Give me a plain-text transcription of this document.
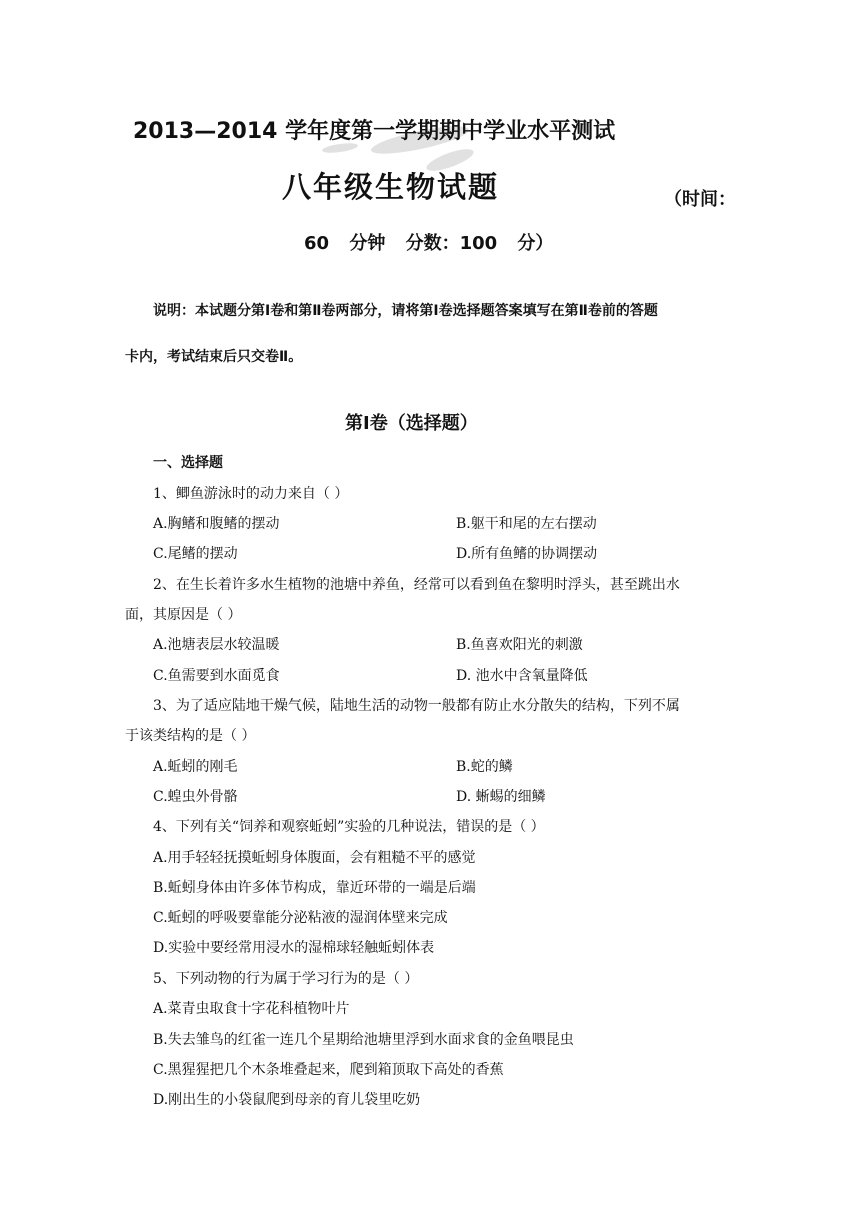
2013—2014 学年度第一学期期中学业水平测试
八年级生物试题	（时间：
60 分钟 分数：100 分）
说明：本试题分第Ⅰ卷和第Ⅱ卷两部分，请将第Ⅰ卷选择题答案填写在第Ⅱ卷前的答题
卡内，考试结束后只交卷Ⅱ。
第Ⅰ卷（选择题）
一、选择题
1、鲫鱼游泳时的动力来自（ ）
A.胸鳍和腹鳍的摆动	B.躯干和尾的左右摆动
C.尾鳍的摆动	D.所有鱼鳍的协调摆动
2、在生长着许多水生植物的池塘中养鱼，经常可以看到鱼在黎明时浮头，甚至跳出水
面，其原因是（ ）
A.池塘表层水较温暖	B.鱼喜欢阳光的刺激
C.鱼需要到水面觅食	D. 池水中含氧量降低
3、为了适应陆地干燥气候，陆地生活的动物一般都有防止水分散失的结构，下列不属
于该类结构的是（ ）
A.蚯蚓的刚毛	B.蛇的鳞
C.蝗虫外骨骼	D. 蜥蜴的细鳞
4、下列有关“饲养和观察蚯蚓”实验的几种说法，错误的是（ ）
A.用手轻轻抚摸蚯蚓身体腹面，会有粗糙不平的感觉
B.蚯蚓身体由许多体节构成，靠近环带的一端是后端
C.蚯蚓的呼吸要靠能分泌粘液的湿润体壁来完成
D.实验中要经常用浸水的湿棉球轻触蚯蚓体表
5、下列动物的行为属于学习行为的是（ ）
A.菜青虫取食十字花科植物叶片
B.失去雏鸟的红雀一连几个星期给池塘里浮到水面求食的金鱼喂昆虫
C.黑猩猩把几个木条堆叠起来，爬到箱顶取下高处的香蕉
D.刚出生的小袋鼠爬到母亲的育儿袋里吃奶
